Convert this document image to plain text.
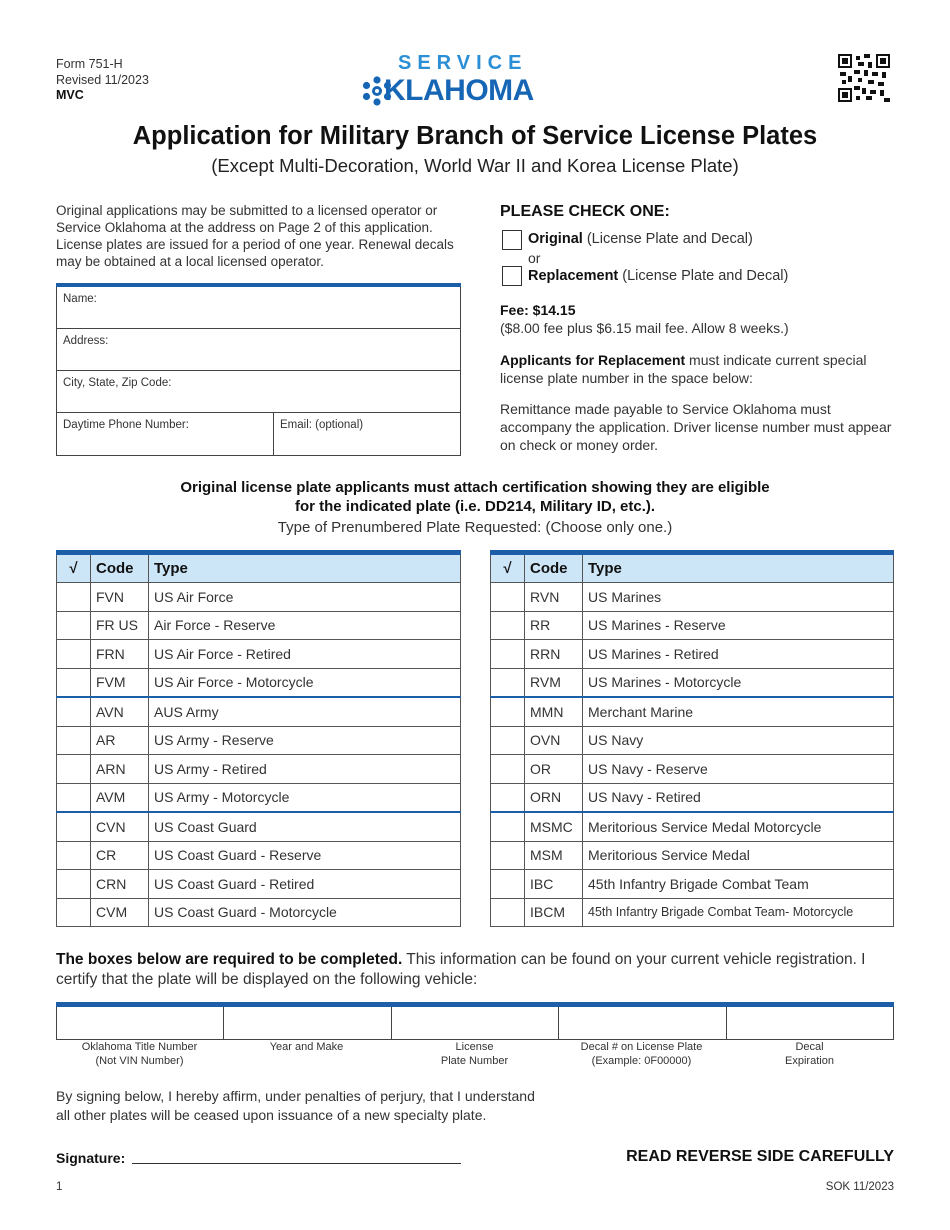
Form 751-H
Revised 11/2023
MVC
SERVICE
KLAHOMA
Application for Military Branch of Service License Plates
(Except Multi-Decoration, World War II and Korea License Plate)
Original applications may be submitted to a licensed operator or Service Oklahoma at the address on Page 2 of this application. License plates are issued for a period of one year. Renewal decals may be obtained at a local licensed operator.
Name:
Address:
City, State, Zip Code:
Daytime Phone Number:	Email: (optional)
PLEASE CHECK ONE:
Original (License Plate and Decal)
or
Replacement (License Plate and Decal)
Fee: $14.15
($8.00 fee plus $6.15 mail fee. Allow 8 weeks.)
Applicants for Replacement must indicate current special license plate number in the space below:
Remittance made payable to Service Oklahoma must accompany the application. Driver license number must appear on check or money order.
Original license plate applicants must attach certification showing they are eligible
for the indicated plate (i.e. DD214, Military ID, etc.).
Type of Prenumbered Plate Requested: (Choose only one.)
√	Code	Type
	FVN	US Air Force
	FR US	Air Force - Reserve
	FRN	US Air Force - Retired
	FVM	US Air Force - Motorcycle
	AVN	AUS Army
	AR	US Army - Reserve
	ARN	US Army - Retired
	AVM	US Army - Motorcycle
	CVN	US Coast Guard
	CR	US Coast Guard - Reserve
	CRN	US Coast Guard - Retired
	CVM	US Coast Guard - Motorcycle
√	Code	Type
	RVN	US Marines
	RR	US Marines - Reserve
	RRN	US Marines - Retired
	RVM	US Marines - Motorcycle
	MMN	Merchant Marine
	OVN	US Navy
	OR	US Navy - Reserve
	ORN	US Navy - Retired
	MSMC	Meritorious Service Medal Motorcycle
	MSM	Meritorious Service Medal
	IBC	45th Infantry Brigade Combat Team
	IBCM	45th Infantry Brigade Combat Team- Motorcycle
The boxes below are required to be completed. This information can be found on your current vehicle registration. I certify that the plate will be displayed on the following vehicle:
Oklahoma Title Number
(Not VIN Number)
Year and Make	License
Plate Number
Decal # on License Plate
(Example: 0F00000)
Decal
Expiration
By signing below, I hereby affirm, under penalties of perjury, that I understand
all other plates will be ceased upon issuance of a new specialty plate.
Signature:	READ REVERSE SIDE CAREFULLY
1	SOK 11/2023
